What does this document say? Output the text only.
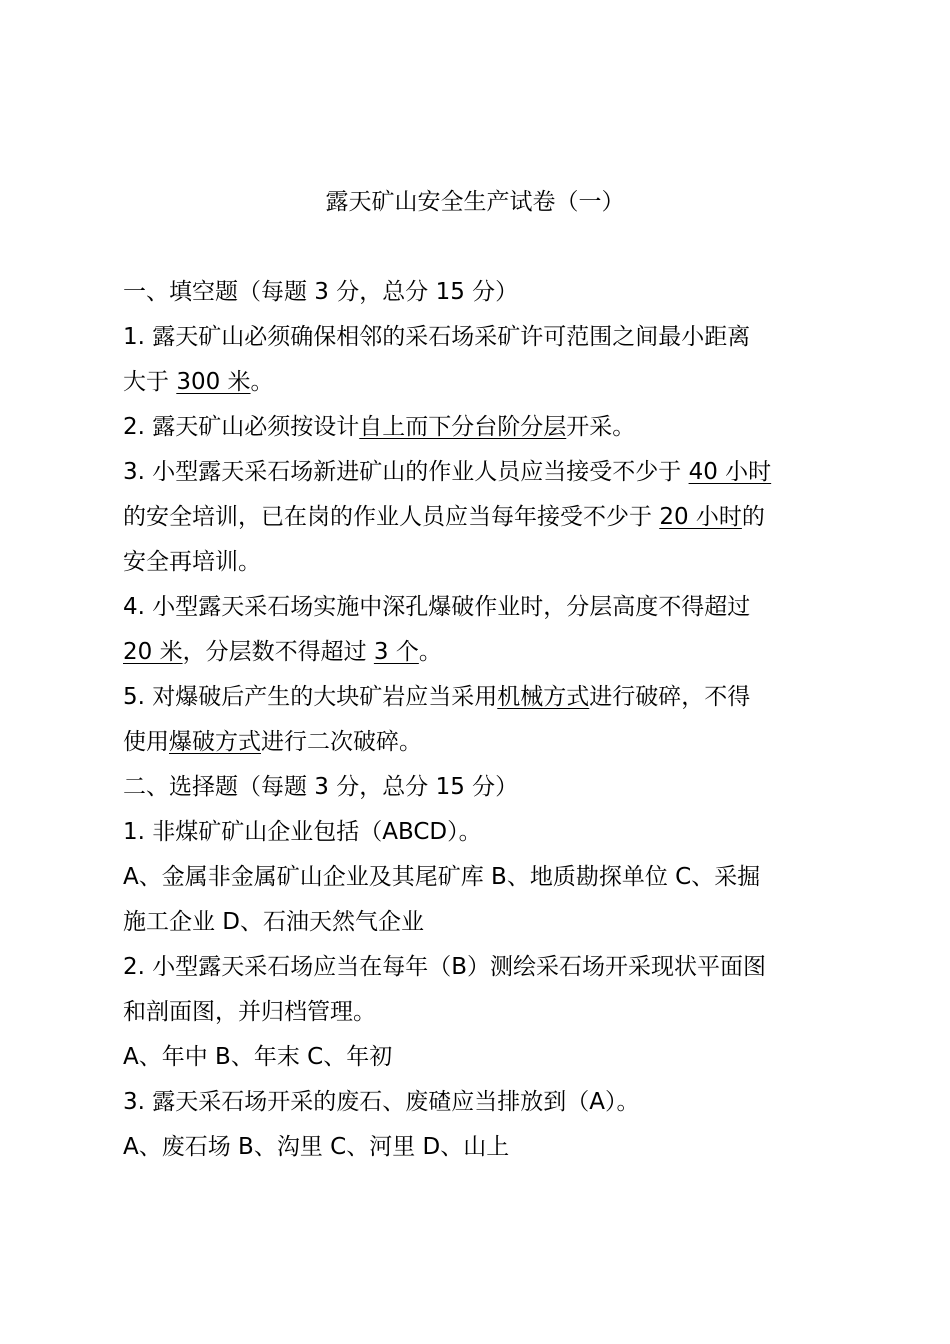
露天矿山安全生产试卷（一）
一、填空题（每题 3 分，总分 15 分）
1. 露天矿山必须确保相邻的采石场采矿许可范围之间最小距离
大于 300 米。
2. 露天矿山必须按设计自上而下分台阶分层开采。
3. 小型露天采石场新进矿山的作业人员应当接受不少于 40 小时
的安全培训，已在岗的作业人员应当每年接受不少于 20 小时的
安全再培训。
4. 小型露天采石场实施中深孔爆破作业时，分层高度不得超过
20 米，分层数不得超过 3 个。
5. 对爆破后产生的大块矿岩应当采用机械方式进行破碎，不得
使用爆破方式进行二次破碎。
二、选择题（每题 3 分，总分 15 分）
1. 非煤矿矿山企业包括（ABCD）。
A、金属非金属矿山企业及其尾矿库 B、地质勘探单位 C、采掘
施工企业 D、石油天然气企业
2. 小型露天采石场应当在每年（B）测绘采石场开采现状平面图
和剖面图，并归档管理。
A、年中 B、年末 C、年初
3. 露天采石场开采的废石、废碴应当排放到（A）。
A、废石场 B、沟里 C、河里 D、山上
